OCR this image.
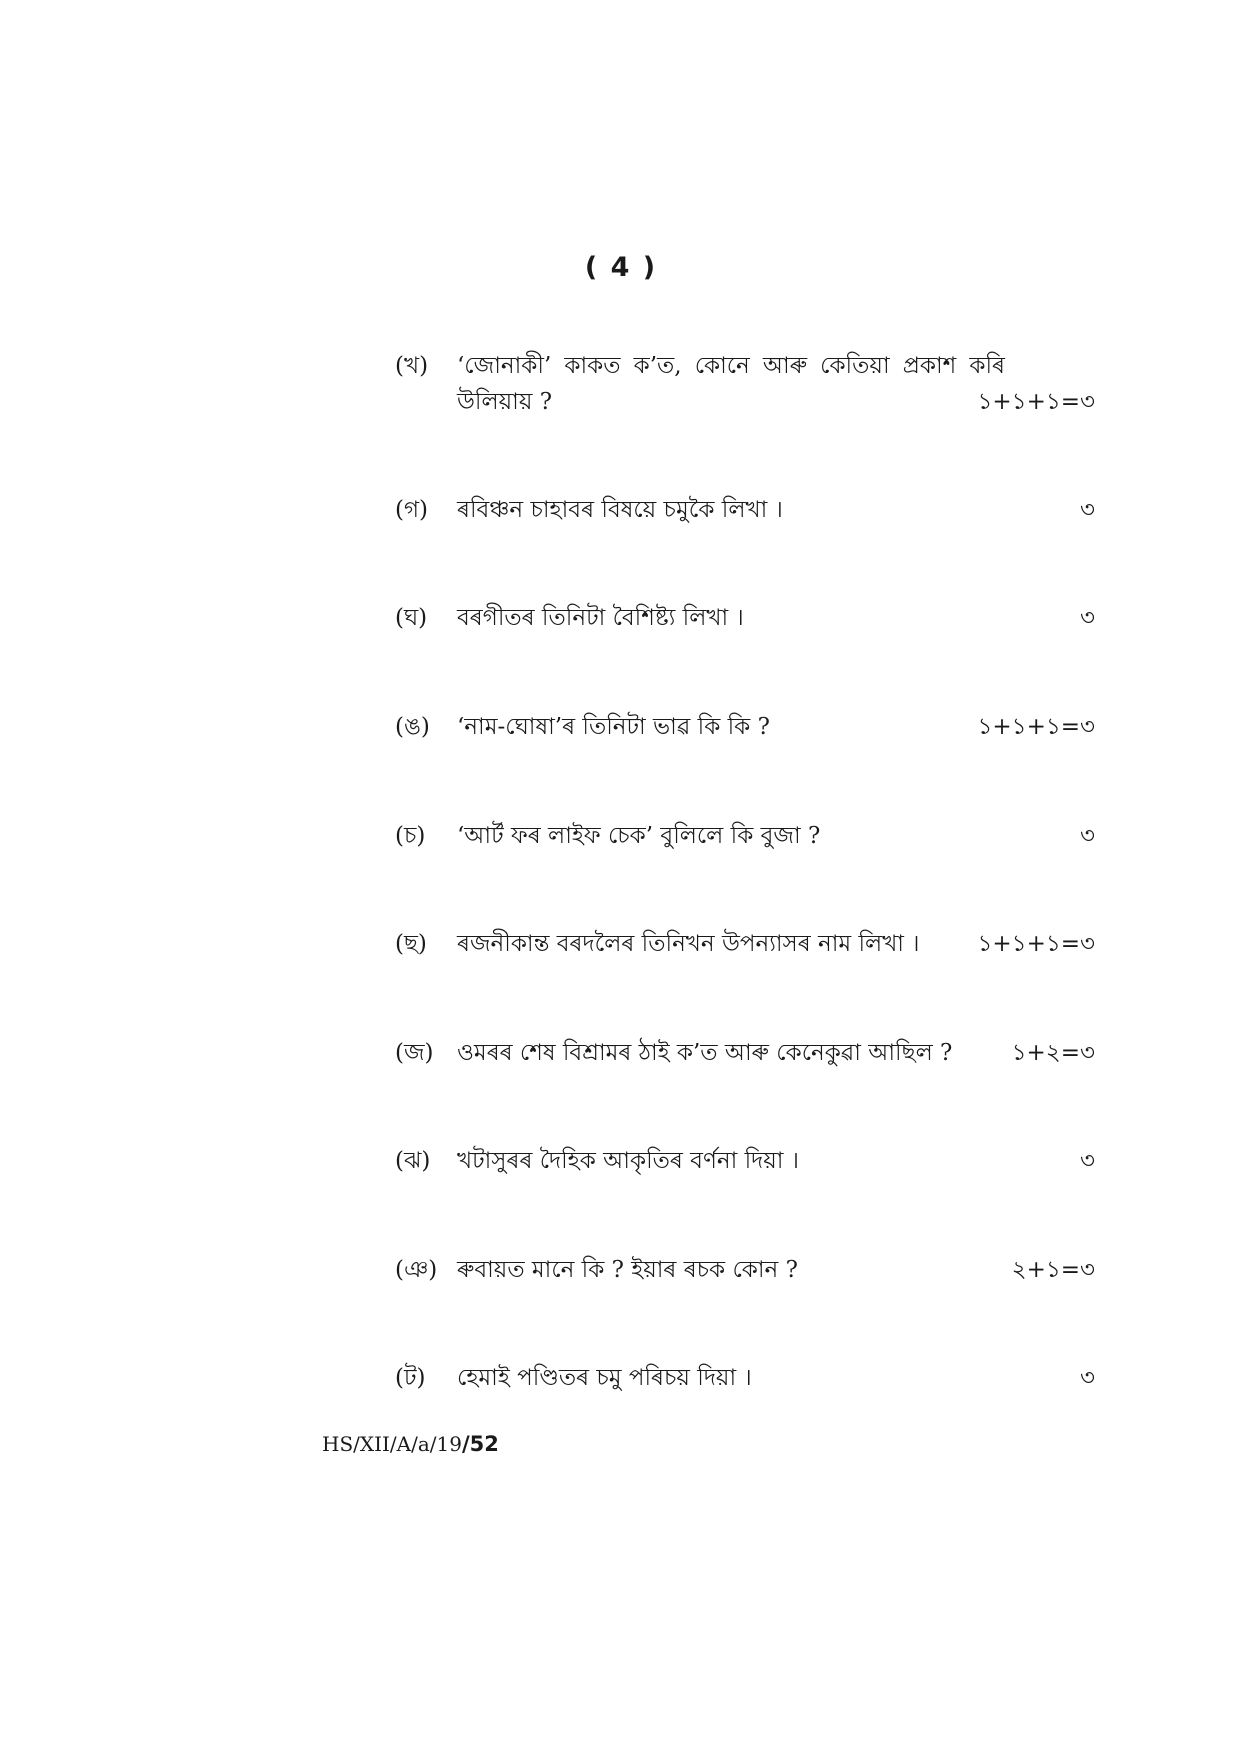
( 4 )
(খ) ‘জোনাকী’ কাকত ক’ত, কোনে আৰু কেতিয়া প্ৰকাশ কৰি
উলিয়ায় ?	১+১+১=৩
(গ) ৰবিঞ্চন চাহাবৰ বিষয়ে চমুকৈ লিখা ।	৩
(ঘ) বৰগীতৰ তিনিটা বৈশিষ্ট্য লিখা ।	৩
(ঙ) ‘নাম-ঘোষা’ৰ তিনিটা ভাৱ কি কি ?	১+১+১=৩
(চ) ‘আৰ্ট ফৰ লাইফ চেক’ বুলিলে কি বুজা ?	৩
(ছ) ৰজনীকান্ত বৰদলৈৰ তিনিখন উপন্যাসৰ নাম লিখা ।	১+১+১=৩
(জ) ওমৰৰ শেষ বিশ্ৰামৰ ঠাই ক’ত আৰু কেনেকুৱা আছিল ?	১+২=৩
(ঝ) খটাসুৰৰ দৈহিক আকৃতিৰ বৰ্ণনা দিয়া ।	৩
(ঞ) ৰুবায়ত মানে কি ? ইয়াৰ ৰচক কোন ?	২+১=৩
(ট) হেমাই পণ্ডিতৰ চমু পৰিচয় দিয়া ।	৩
HS/XII/A/a/19/52
